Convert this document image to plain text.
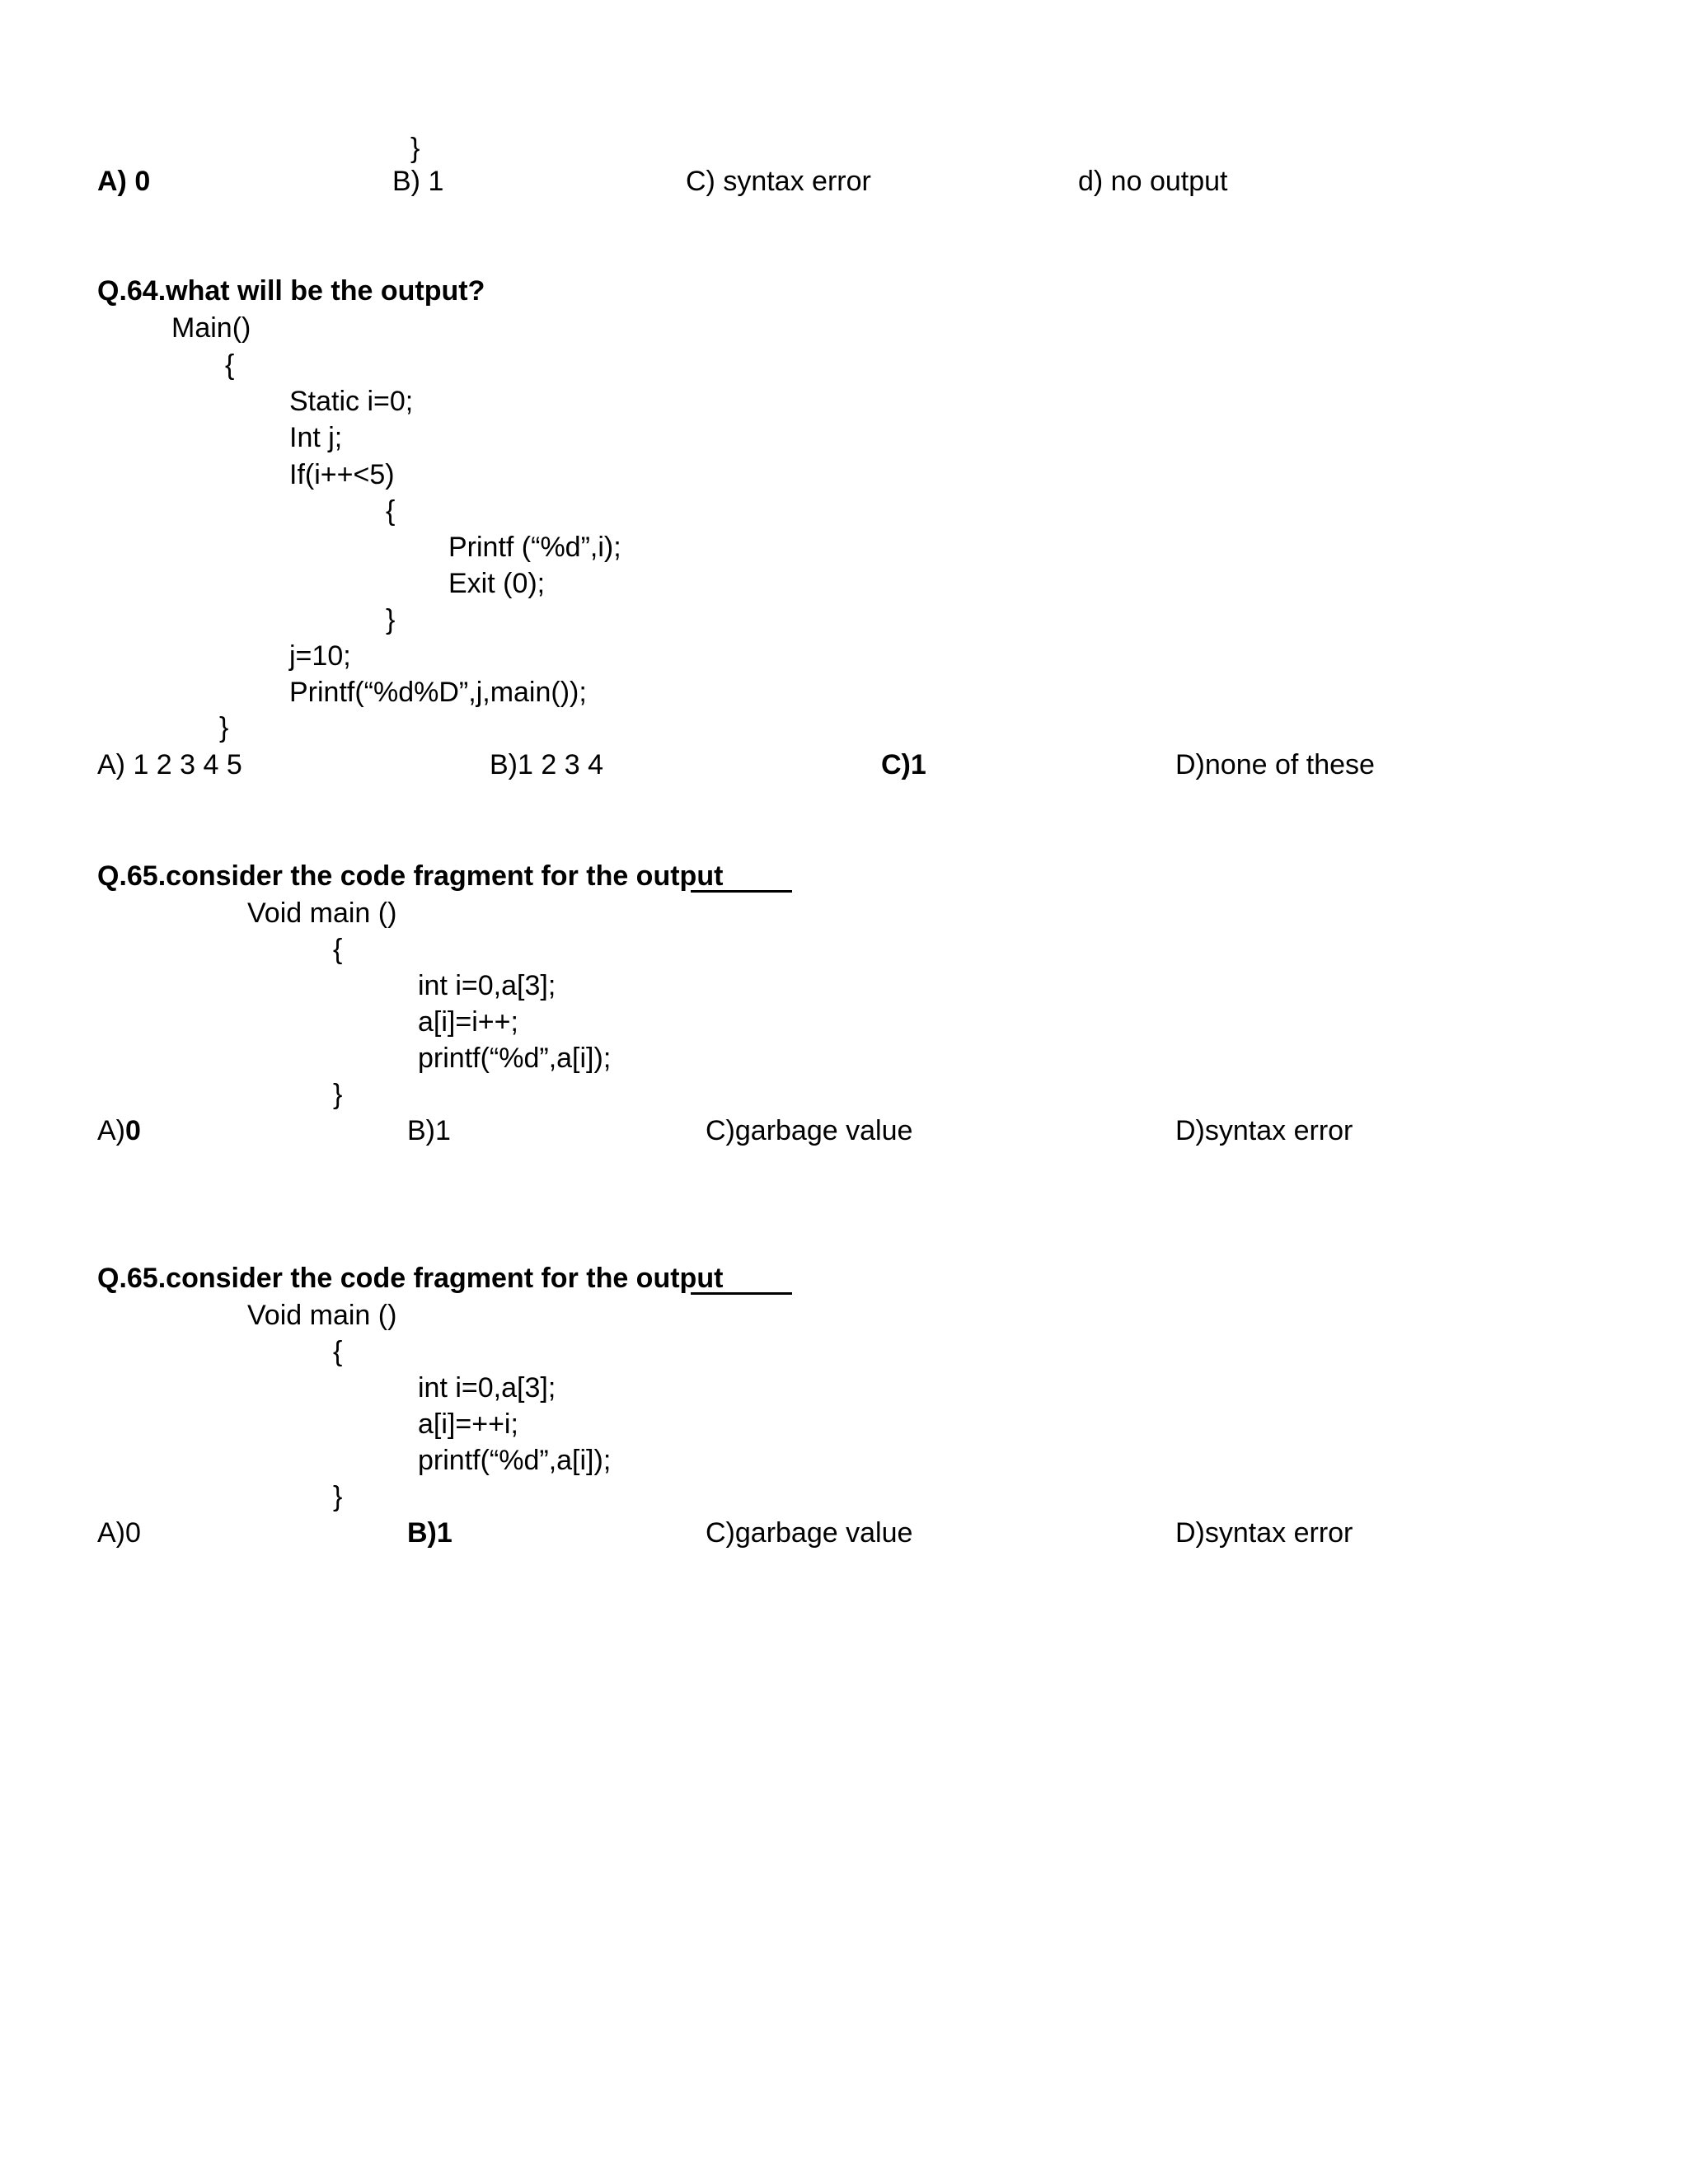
}
A) 0	B) 1	C) syntax error	d) no output
Q.64.what will be the output?
Main()
{
Static i=0;
Int j;
If(i++<5)
{
Printf (“%d”,i);
Exit (0);
}
j=10;
Printf(“%d%D”,j,main());
}
A) 1 2 3 4 5	B)1 2 3 4	C)1	D)none of these
Q.65.consider the code fragment for the output
Void main ()
{
int i=0,a[3];
a[i]=i++;
printf(“%d”,a[i]);
}
A)0	B)1	C)garbage value	D)syntax error
Q.65.consider the code fragment for the output
Void main ()
{
int i=0,a[3];
a[i]=++i;
printf(“%d”,a[i]);
}
A)0	B)1	C)garbage value	D)syntax error
